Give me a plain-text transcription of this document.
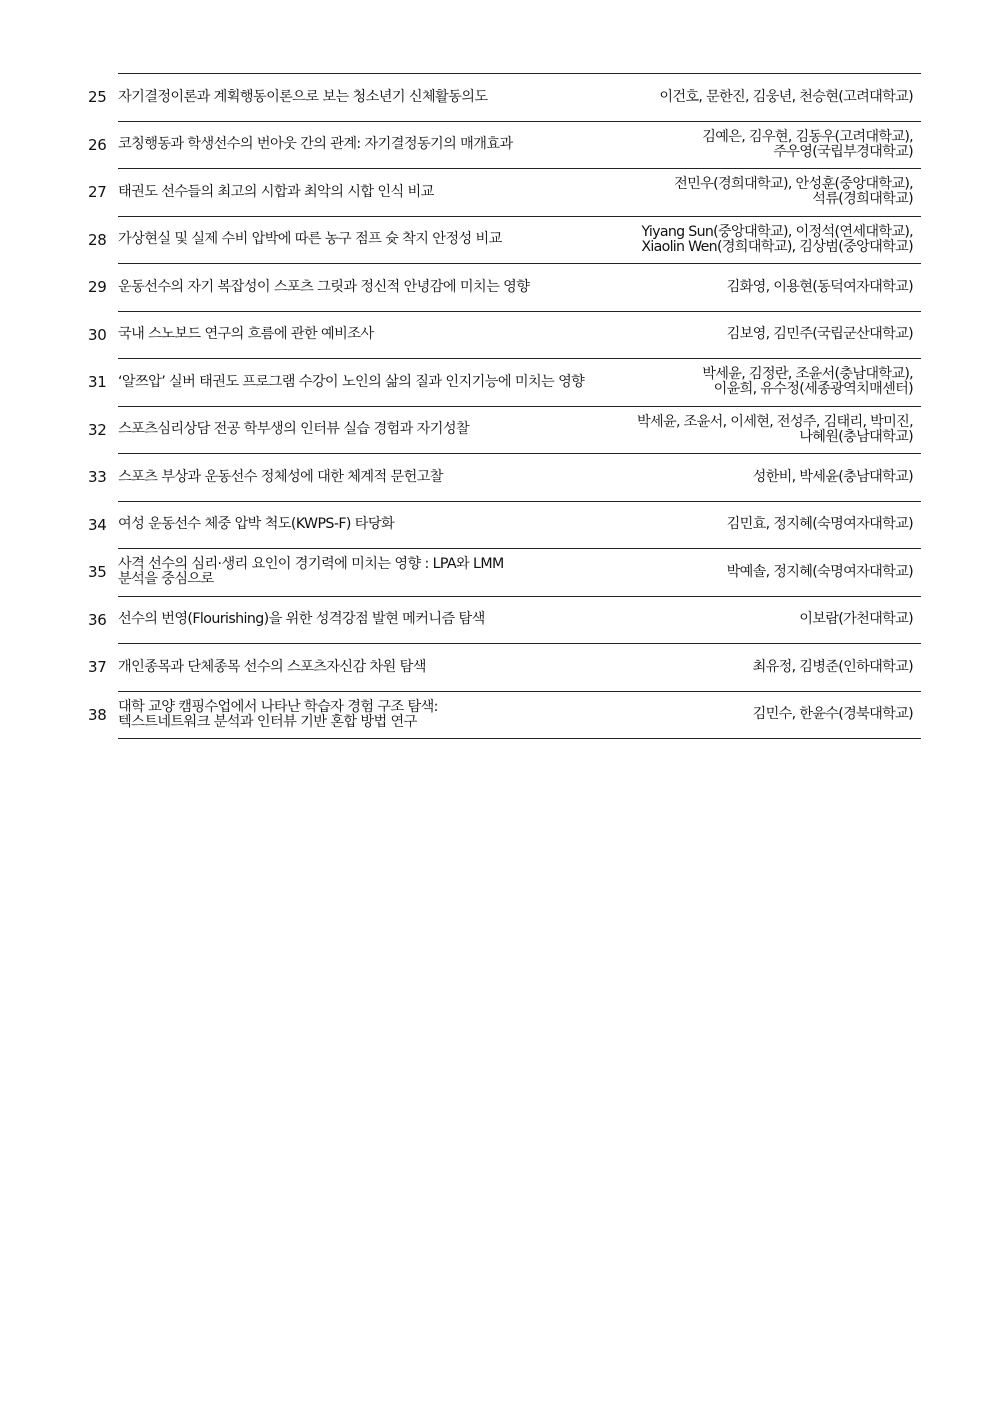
25 자기결정이론과 계획행동이론으로 보는 청소년기 신체활동의도	이건호, 문한진, 김웅년, 천승현(고려대학교)
26 코칭행동과 학생선수의 번아웃 간의 관계: 자기결정동기의 매개효과	김예은, 김우현, 김동우(고려대학교),
주우영(국립부경대학교)
27 태권도 선수들의 최고의 시합과 최악의 시합 인식 비교	전민우(경희대학교), 안성훈(중앙대학교),
석류(경희대학교)
28 가상현실 및 실제 수비 압박에 따른 농구 점프 슛 착지 안정성 비교	Yiyang Sun(중앙대학교), 이정석(연세대학교),
Xiaolin Wen(경희대학교), 김상범(중앙대학교)
29 운동선수의 자기 복잡성이 스포츠 그릿과 정신적 안녕감에 미치는 영향	김화영, 이용현(동덕여자대학교)
30 국내 스노보드 연구의 흐름에 관한 예비조사	김보영, 김민주(국립군산대학교)
31 ‘알쯔압’ 실버 태권도 프로그램 수강이 노인의 삶의 질과 인지기능에 미치는 영향	박세윤, 김정란, 조윤서(충남대학교),
이윤희, 유수정(세종광역치매센터)
32 스포츠심리상담 전공 학부생의 인터뷰 실습 경험과 자기성찰	박세윤, 조윤서, 이세현, 전성주, 김태리, 박미진,
나혜원(충남대학교)
33 스포츠 부상과 운동선수 정체성에 대한 체계적 문헌고찰	성한비, 박세윤(충남대학교)
34 여성 운동선수 체중 압박 척도(KWPS-F) 타당화	김민효, 정지혜(숙명여자대학교)
35 사격 선수의 심리·생리 요인이 경기력에 미치는 영향 : LPA와 LMM
분석을 중심으로	박예솔, 정지혜(숙명여자대학교)
36 선수의 번영(Flourishing)을 위한 성격강점 발현 메커니즘 탐색	이보람(가천대학교)
37 개인종목과 단체종목 선수의 스포츠자신감 차원 탐색	최유정, 김병준(인하대학교)
38 대학 교양 캠핑수업에서 나타난 학습자 경험 구조 탐색:
텍스트네트워크 분석과 인터뷰 기반 혼합 방법 연구	김민수, 한윤수(경북대학교)
